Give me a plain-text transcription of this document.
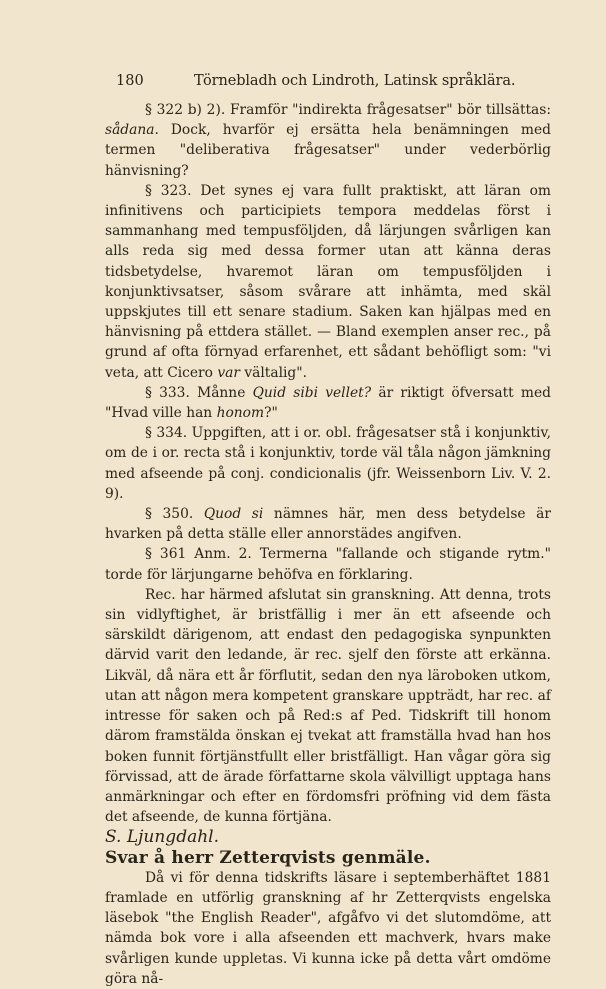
180	Törnebladh och Lindroth, Latinsk språklära.

§ 322 b) 2). Framför "indirekta frågesatser" bör tillsättas: sådana. Dock, hvarför ej ersätta hela benämningen med termen "deliberativa frågesatser" under vederbörlig hänvisning?

§ 323. Det synes ej vara fullt praktiskt, att läran om infinitivens och participiets tempora meddelas först i sammanhang med tempusföljden, då lärjungen svårligen kan alls reda sig med dessa former utan att känna deras tidsbetydelse, hvaremot läran om tempusföljden i konjunktivsatser, såsom svårare att inhämta, med skäl uppskjutes till ett senare stadium. Saken kan hjälpas med en hänvisning på ettdera stället. — Bland exemplen anser rec., på grund af ofta förnyad erfarenhet, ett sådant behöfligt som: "vi veta, att Cicero var vältalig".

§ 333. Månne Quid sibi vellet? är riktigt öfversatt med "Hvad ville han honom?"

§ 334. Uppgiften, att i or. obl. frågesatser stå i konjunktiv, om de i or. recta stå i konjunktiv, torde väl tåla någon jämkning med afseende på conj. condicionalis (jfr. Weissenborn Liv. V. 2. 9).

§ 350. Quod si nämnes här, men dess betydelse är hvarken på detta ställe eller annorstädes angifven.

§ 361 Anm. 2. Termerna "fallande och stigande rytm." torde för lärjungarne behöfva en förklaring.

Rec. har härmed afslutat sin granskning. Att denna, trots sin vidlyftighet, är bristfällig i mer än ett afseende och särskildt därigenom, att endast den pedagogiska synpunkten därvid varit den ledande, är rec. sjelf den förste att erkänna. Likväl, då nära ett år förflutit, sedan den nya läroboken utkom, utan att någon mera kompetent granskare uppträdt, har rec. af intresse för saken och på Red:s af Ped. Tidskrift till honom därom framstälda önskan ej tvekat att framställa hvad han hos boken funnit förtjänstfullt eller bristfälligt. Han vågar göra sig förvissad, att de ärade författarne skola välvilligt upptaga hans anmärkningar och efter en fördomsfri pröfning vid dem fästa det afseende, de kunna förtjäna.

S. Ljungdahl.

Svar å herr Zetterqvists genmäle.

Då vi för denna tidskrifts läsare i septemberhäftet 1881 framlade en utförlig granskning af hr Zetterqvists engelska läsebok "the English Reader", afgåfvo vi det slutomdöme, att nämda bok vore i alla afseenden ett machverk, hvars make svårligen kunde uppletas. Vi kunna icke på detta vårt omdöme göra nå-
